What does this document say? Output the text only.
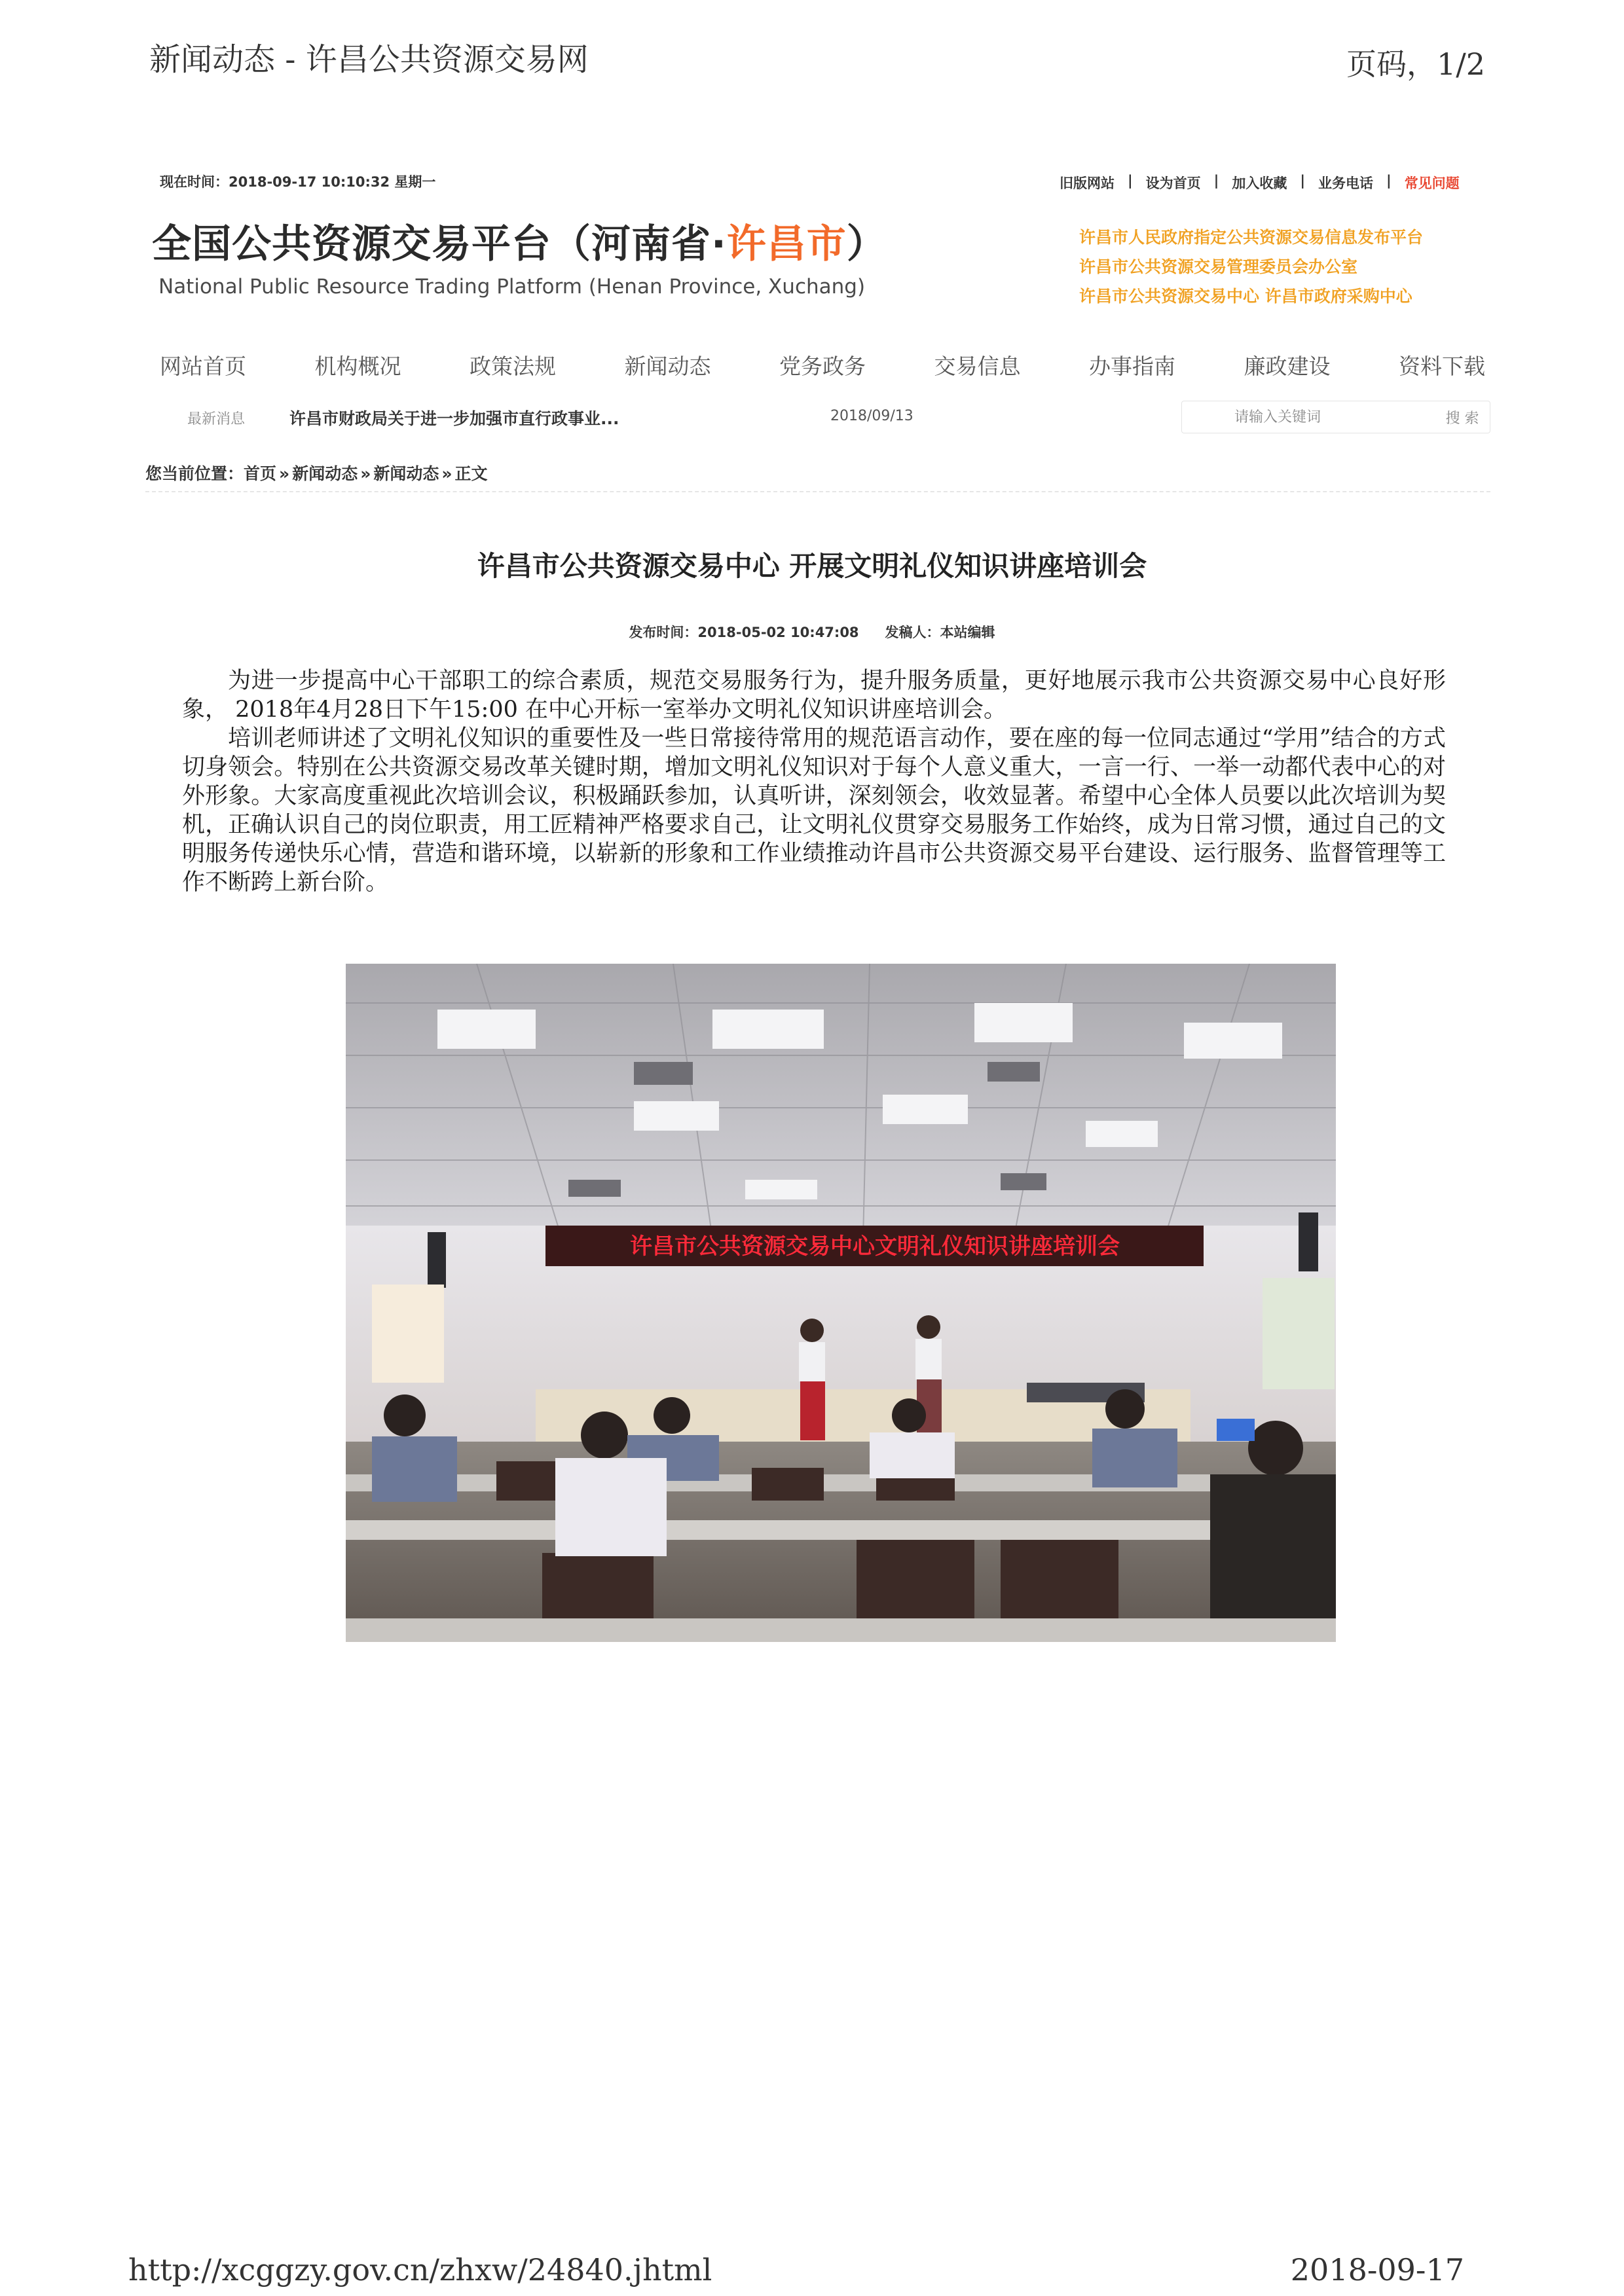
新闻动态 - 许昌公共资源交易网	页码，1/2
现在时间：2018-09-17 10:10:32 星期一	旧版网站 | 设为首页 | 加入收藏 | 业务电话 | 常见问题
全国公共资源交易平台（河南省·许昌市）
National Public Resource Trading Platform (Henan Province, Xuchang)
许昌市人民政府指定公共资源交易信息发布平台
许昌市公共资源交易管理委员会办公室
许昌市公共资源交易中心 许昌市政府采购中心
网站首页	机构概况	政策法规	新闻动态	党务政务	交易信息	办事指南	廉政建设	资料下载
最新消息	许昌市财政局关于进一步加强市直行政事业...	2018/09/13
请输入关键词	搜 索
您当前位置：首页 » 新闻动态 » 新闻动态 » 正文
许昌市公共资源交易中心 开展文明礼仪知识讲座培训会
发布时间：2018-05-02 10:47:08 发稿人：本站编辑

为进一步提高中心干部职工的综合素质，规范交易服务行为，提升服务质量，更好地展示我市公共资源交易中心良好形象， 2018年4月28日下午15:00 在中心开标一室举办文明礼仪知识讲座培训会。

培训老师讲述了文明礼仪知识的重要性及一些日常接待常用的规范语言动作，要在座的每一位同志通过“学用”结合的方式切身领会。特别在公共资源交易改革关键时期，增加文明礼仪知识对于每个人意义重大，一言一行、一举一动都代表中心的对外形象。大家高度重视此次培训会议，积极踊跃参加，认真听讲，深刻领会，收效显著。希望中心全体人员要以此次培训为契机，正确认识自己的岗位职责，用工匠精神严格要求自己，让文明礼仪贯穿交易服务工作始终，成为日常习惯，通过自己的文明服务传递快乐心情，营造和谐环境，以崭新的形象和工作业绩推动许昌市公共资源交易平台建设、运行服务、监督管理等工作不断跨上新台阶。

许昌市公共资源交易中心文明礼仪知识讲座培训会
http://xcggzy.gov.cn/zhxw/24840.jhtml	2018-09-17
